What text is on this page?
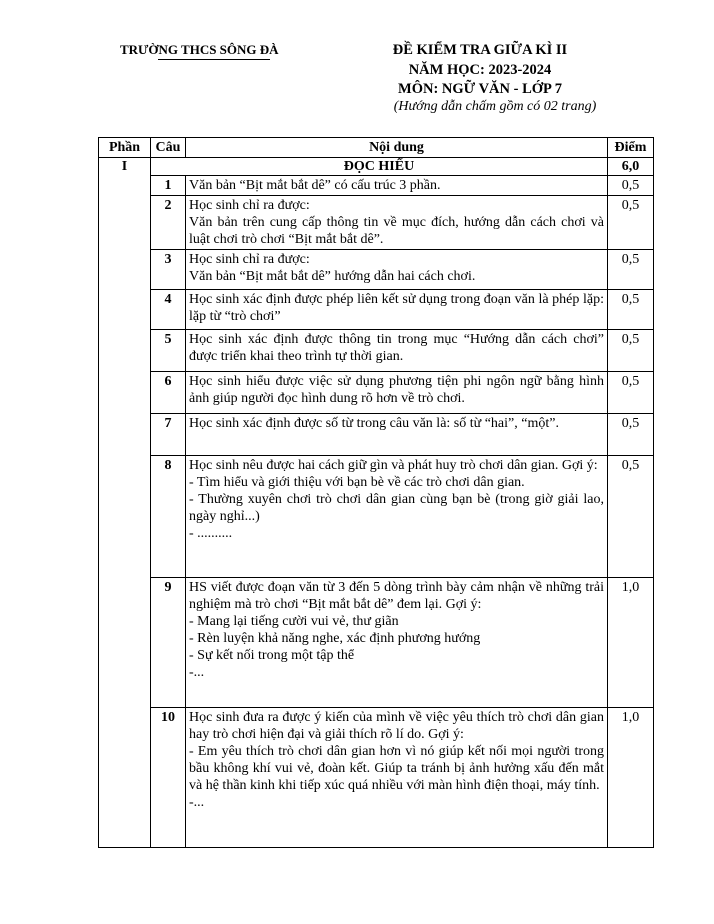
TRƯỜNG THCS SÔNG ĐÀ	ĐỀ KIỂM TRA GIỮA KÌ II
NĂM HỌC: 2023-2024
MÔN: NGỮ VĂN - LỚP 7
(Hướng dẫn chấm gồm có 02 trang)
Phần	Câu	Nội dung	Điểm
I	ĐỌC HIỂU		6,0
	1	Văn bản “Bịt mắt bắt dê” có cấu trúc 3 phần.	0,5
	2	Học sinh chỉ ra được:

Văn bản trên cung cấp thông tin về mục đích, hướng dẫn cách chơi và luật chơi trò chơi “Bịt mắt bắt dê”.	0,5
	3	Học sinh chỉ ra được:

Văn bản “Bịt mắt bắt dê” hướng dẫn hai cách chơi.	0,5
	4	Học sinh xác định được phép liên kết sử dụng trong đoạn văn là phép lặp: lặp từ “trò chơi”	0,5
	5	Học sinh xác định được thông tin trong mục “Hướng dẫn cách chơi” được triển khai theo trình tự thời gian.	0,5
	6	Học sinh hiểu được việc sử dụng phương tiện phi ngôn ngữ bằng hình ảnh giúp người đọc hình dung rõ hơn về trò chơi.	0,5
	7	Học sinh xác định được số từ trong câu văn là: số từ “hai”, “một”.	0,5
	8	Học sinh nêu được hai cách giữ gìn và phát huy trò chơi dân gian. Gợi ý:

- Tìm hiểu và giới thiệu với bạn bè về các trò chơi dân gian.

- Thường xuyên chơi trò chơi dân gian cùng bạn bè (trong giờ giải lao, ngày nghỉ...)

- ..........	0,5
	9	HS viết được đoạn văn từ 3 đến 5 dòng trình bày cảm nhận về những trải nghiệm mà trò chơi “Bịt mắt bắt dê” đem lại. Gợi ý:

- Mang lại tiếng cười vui vẻ, thư giãn

- Rèn luyện khả năng nghe, xác định phương hướng

- Sự kết nối trong một tập thể

-...	1,0
	10	Học sinh đưa ra được ý kiến của mình về việc yêu thích trò chơi dân gian hay trò chơi hiện đại và giải thích rõ lí do. Gợi ý:

- Em yêu thích trò chơi dân gian hơn vì nó giúp kết nối mọi người trong bầu không khí vui vẻ, đoàn kết. Giúp ta tránh bị ảnh hưởng xấu đến mắt và hệ thần kinh khi tiếp xúc quá nhiều với màn hình điện thoại, máy tính.

-...	1,0
